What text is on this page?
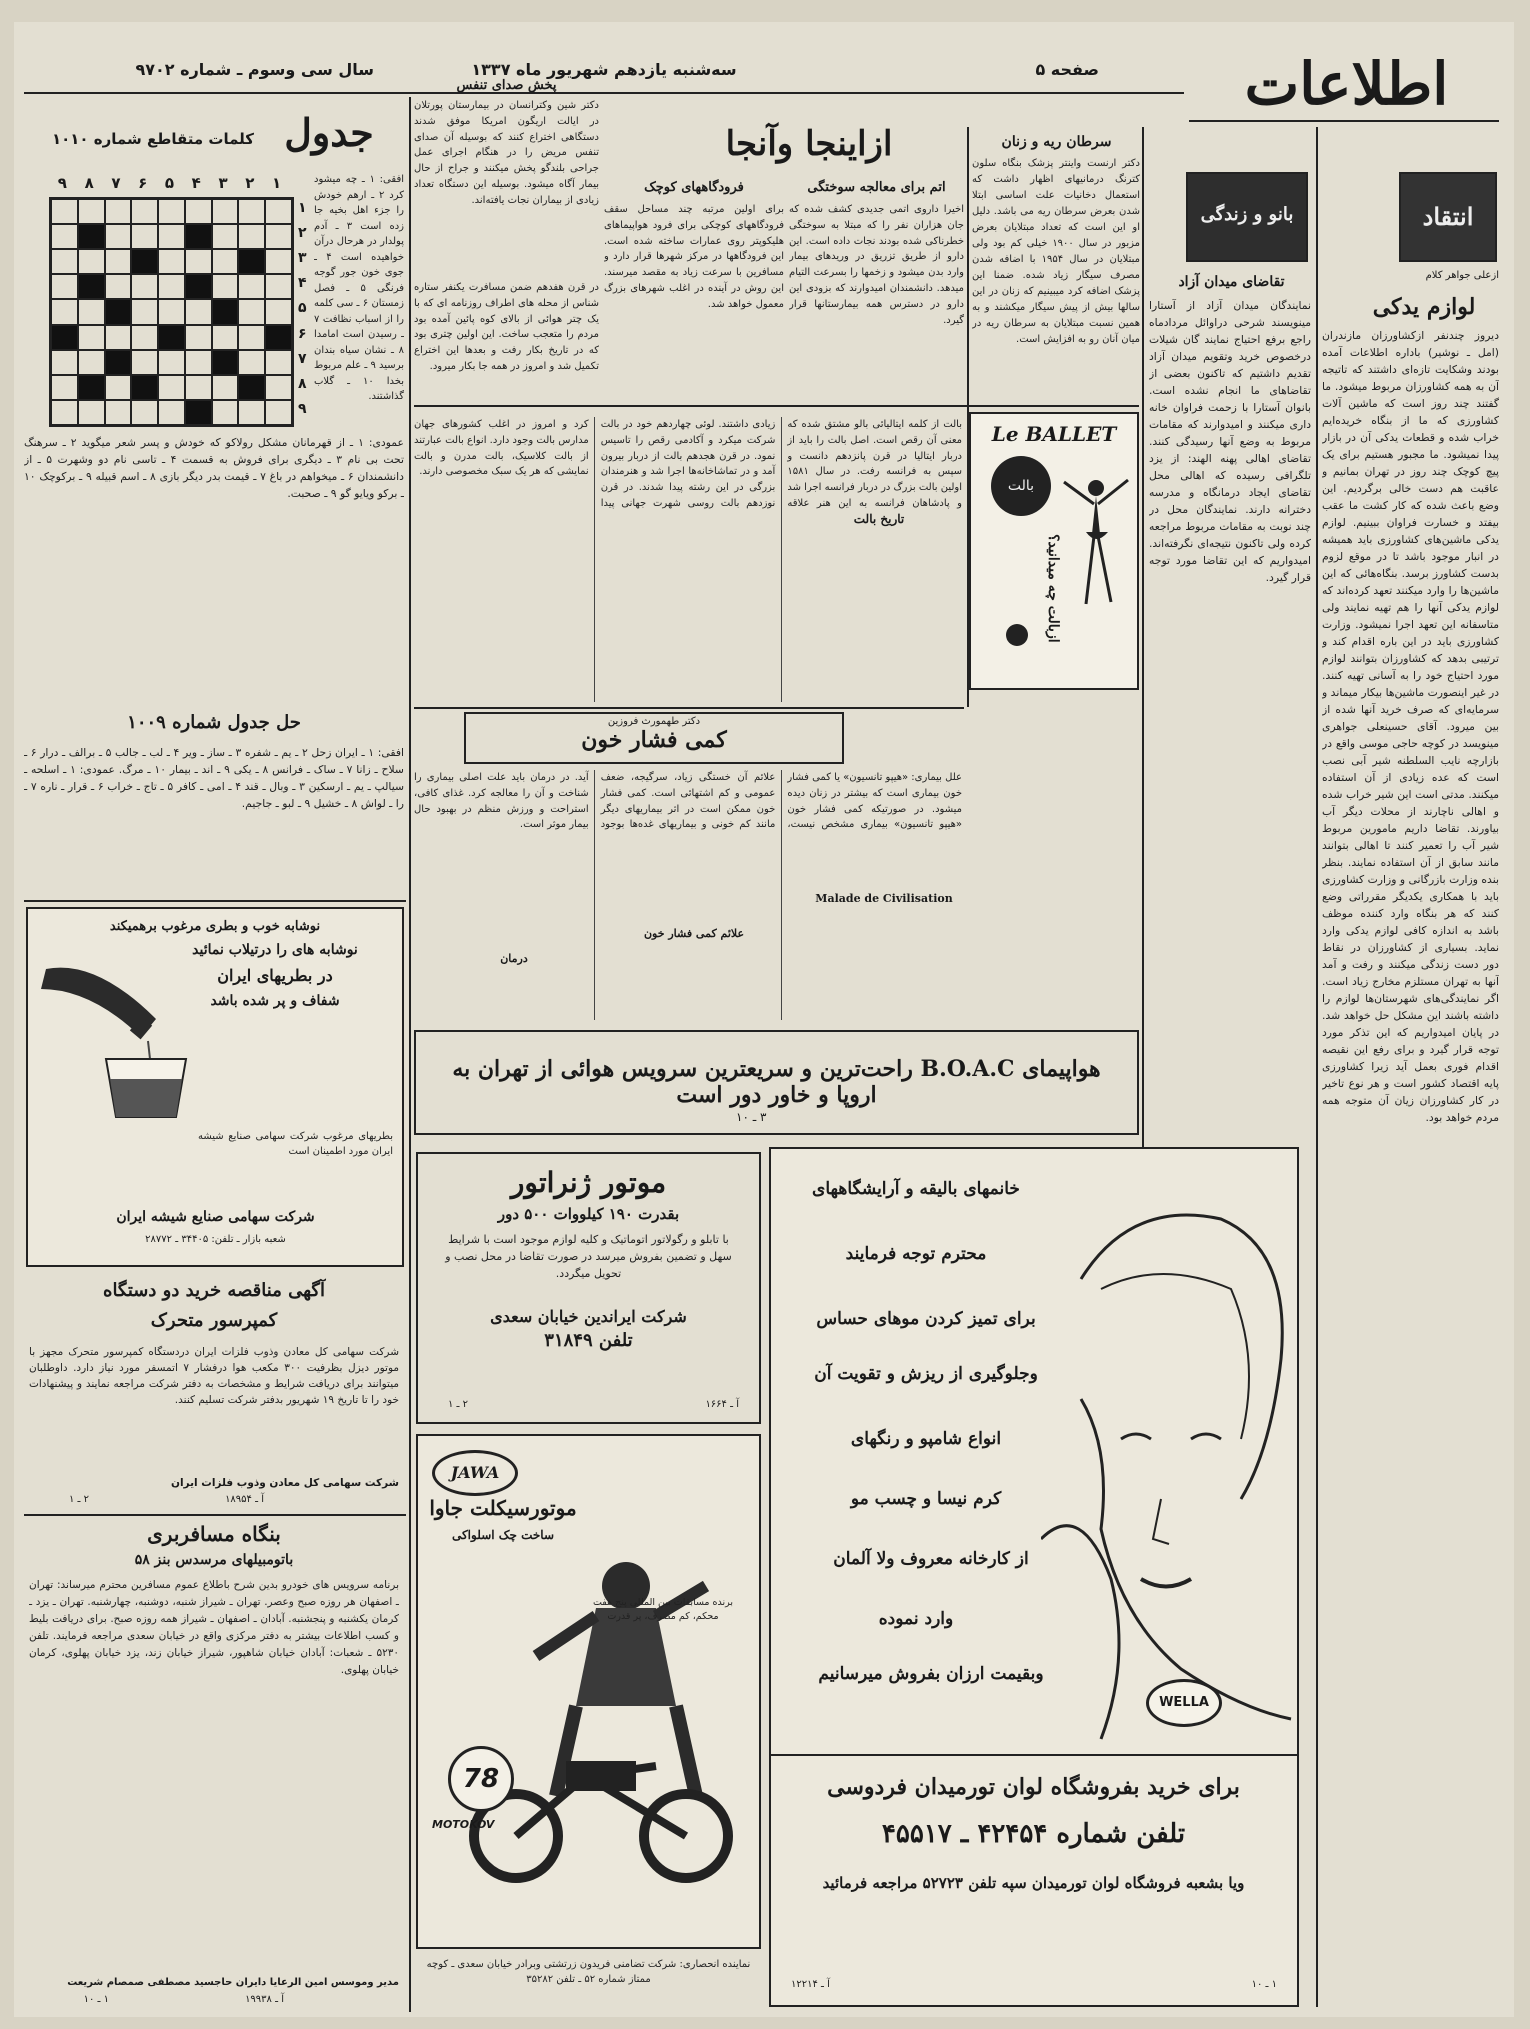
اطلاعات
صفحه ۵
سه‌شنبه یازدهم شهریور ماه ۱۳۳۷
سال سی وسوم ـ شماره ۹۷۰۲
انتقاد
ازعلی جواهر کلام
لوازم یدکی
دیروز چندنفر ازکشاورزان مازندران (امل ـ نوشیر) باداره اطلاعات آمده بودند وشکایت تازه‌ای داشتند که تاتیجه آن به همه کشاورزان مربوط میشود. ما گفتند چند روز است که ماشین آلات کشاورزی که ما از بنگاه خریده‌ایم خراب شده و قطعات یدکی آن در بازار پیدا نمیشود. ما مجبور هستیم برای یک پیچ کوچک چند روز در تهران بمانیم و عاقبت هم دست خالی برگردیم. این وضع باعث شده که کار کشت ما عقب بیفتد و خسارت فراوان ببینیم. لوازم یدکی ماشین‌های کشاورزی باید همیشه در انبار موجود باشد تا در موقع لزوم بدست کشاورز برسد. بنگاه‌هائی که این ماشین‌ها را وارد میکنند تعهد کرده‌اند که لوازم یدکی آنها را هم تهیه نمایند ولی متاسفانه این تعهد اجرا نمیشود. وزارت کشاورزی باید در این باره اقدام کند و ترتیبی بدهد که کشاورزان بتوانند لوازم مورد احتیاج خود را به آسانی تهیه کنند. در غیر اینصورت ماشین‌ها بیکار میماند و سرمایه‌ای که صرف خرید آنها شده از بین میرود. آقای حسینعلی جواهری مینویسد در کوچه حاجی موسی واقع در بازارچه نایب السلطنه شیر آبی نصب است که عده زیادی از آن استفاده میکنند. مدتی است این شیر خراب شده و اهالی ناچارند از محلات دیگر آب بیاورند. تقاضا داریم مامورین مربوط شیر آب را تعمیر کنند تا اهالی بتوانند مانند سابق از آن استفاده نمایند. بنظر بنده وزارت بازرگانی و وزارت کشاورزی باید با همکاری یکدیگر مقرراتی وضع کنند که هر بنگاه وارد کننده موظف باشد به اندازه کافی لوازم یدکی وارد نماید. بسیاری از کشاورزان در نقاط دور دست زندگی میکنند و رفت و آمد آنها به تهران مستلزم مخارج زیاد است. اگر نمایندگی‌های شهرستان‌ها لوازم را داشته باشند این مشکل حل خواهد شد. در پایان امیدواریم که این تذکر مورد توجه قرار گیرد و برای رفع این نقیصه اقدام فوری بعمل آید زیرا کشاورزی پایه اقتصاد کشور است و هر نوع تاخیر در کار کشاورزان زیان آن متوجه همه مردم خواهد بود.
بانو و زندگی
تقاضای میدان آزاد
نمایندگان میدان آزاد از آستارا مینویسند شرحی دراوائل مردادماه راجع برفع احتیاج نمایند گان شیلات درخصوص خرید وتقویم میدان آزاد تقدیم داشتیم که تاکنون بعضی از تقاضاهای ما انجام نشده است. بانوان آستارا با زحمت فراوان خانه داری میکنند و امیدوارند که مقامات مربوط به وضع آنها رسیدگی کنند. تقاضای اهالی پهنه الهند: از یزد تلگرافی رسیده که اهالی محل تقاضای ایجاد درمانگاه و مدرسه دخترانه دارند. نمایندگان محل در چند نوبت به مقامات مربوط مراجعه کرده ولی تاکنون نتیجه‌ای نگرفته‌اند. امیدواریم که این تقاضا مورد توجه قرار گیرد.
سرطان ریه و زنان
دکتر ارنست واینتر پزشک بنگاه سلون کترنگ درمانیهای اظهار داشت که استعمال دخانیات علت اساسی ابتلا شدن بعرض سرطان ریه می باشد. دلیل او این است که تعداد مبتلایان بعرض مزبور در سال ۱۹۰۰ خیلی کم بود ولی مبتلایان در سال ۱۹۵۴ با اضافه شدن مصرف سیگار زیاد شده. ضمنا این پزشک اضافه کرد میبینیم که زنان در این سالها بیش از پیش سیگار میکشند و به همین نسبت مبتلایان به سرطان ریه در میان آنان رو به افزایش است.
ازاینجا وآنجا
اتم برای معالجه سوختگی
اخیرا داروی اتمی جدیدی کشف شده که جان هزاران نفر را که مبتلا به سوختگی خطرناکی شده بودند نجات داده است. این دارو از طریق تزریق در وریدهای بیمار وارد بدن میشود و زخمها را بسرعت التیام میدهد. دانشمندان امیدوارند که بزودی این دارو در دسترس همه بیمارستانها قرار گیرد.
فرودگاههای کوچک
برای اولین مرتبه چند مساحل سقف فرودگاههای کوچکی برای فرود هواپیماهای هلیکوپتر روی عمارات ساخته شده است. این فرودگاهها در مرکز شهرها قرار دارد و مسافرین با سرعت زیاد به مقصد میرسند. این روش در آینده در اغلب شهرهای بزرگ معمول خواهد شد.
پخش صدای تنفس
دکتر شین وکترانسان در بیمارستان پورتلان در ایالت اریگون امریکا موفق شدند دستگاهی اختراع کنند که بوسیله آن صدای تنفس مریض را در هنگام اجرای عمل جراحی بلندگو پخش میکنند و جراح از حال بیمار آگاه میشود. بوسیله این دستگاه تعداد زیادی از بیماران نجات یافته‌اند.
در قرن هفدهم ضمن مسافرت یکنفر ستاره شناس از محله های اطراف روزنامه ای که با یک چتر هوائی از بالای کوه پائین آمده بود مردم را متعجب ساخت. این اولین چتری بود که در تاریخ بکار رفت و بعدها این اختراع تکمیل شد و امروز در همه جا بکار میرود.
Le BALLET
بالت
ازبالت چه میدانید؟
تاریخ بالت
بالت از کلمه ایتالیائی بالو مشتق شده که معنی آن رقص است. اصل بالت را باید از دربار ایتالیا در قرن پانزدهم دانست و سپس به فرانسه رفت. در سال ۱۵۸۱ اولین بالت بزرگ در دربار فرانسه اجرا شد و پادشاهان فرانسه به این هنر علاقه زیادی داشتند. لوئی چهاردهم خود در بالت شرکت میکرد و آکادمی رقص را تاسیس نمود. در قرن هجدهم بالت از دربار بیرون آمد و در تماشاخانه‌ها اجرا شد و هنرمندان بزرگی در این رشته پیدا شدند. در قرن نوزدهم بالت روسی شهرت جهانی پیدا کرد و امروز در اغلب کشورهای جهان مدارس بالت وجود دارد. انواع بالت عبارتند از بالت کلاسیک، بالت مدرن و بالت نمایشی که هر یک سبک مخصوصی دارند.
دکتر طهمورث فروزین
کمی فشار خون
علل بیماری: «هیپو تانسیون» یا کمی فشار خون بیماری است که بیشتر در زنان دیده میشود. در صورتیکه کمی فشار خون «هیپو تانسیون» بیماری مشخص نیست، علائم آن خستگی زیاد، سرگیجه، ضعف عمومی و کم اشتهائی است. کمی فشار خون ممکن است در اثر بیماریهای دیگر مانند کم خونی و بیماریهای غده‌ها بوجود آید. در درمان باید علت اصلی بیماری را شناخت و آن را معالجه کرد. غذای کافی، استراحت و ورزش منظم در بهبود حال بیمار موثر است.
Malade de Civilisation
علائم کمی فشار خون
درمان
هواپیمای B.O.A.C راحت‌ترین و سریعترین سرویس هوائی از تهران به اروپا و خاور دور است
۳ ـ ۱۰
جدول
کلمات متقاطع شماره ۱۰۱۰
۹	۸	۷	۶	۵	۴	۳	۲	۱
۱
۲
۳
۴
۵
۶
۷
۸
۹
افقی: ۱ ـ چه میشود کرد ۲ ـ ارهم خودش را جزء اهل بخیه جا زده است ۳ ـ آدم پولدار در هرحال درآن خواهیده است ۴ ـ جوی خون جور گوجه فرنگی ۵ ـ فصل زمستان ۶ ـ سی کلمه را از اسباب نظافت ۷ ـ رسیدن است امامدا ۸ ـ نشان سیاه بندان برسید ۹ ـ علم مربوط بخدا ۱۰ ـ گلاب گذاشتند.
عمودی: ۱ ـ از قهرمانان مشکل رولاکو که خودش و پسر شعر میگوید ۲ ـ سرهنگ تحت بی نام ۳ ـ دیگری برای فروش به قسمت ۴ ـ تاسی نام دو وشهرت ۵ ـ از دانشمندان ۶ ـ میخواهم در باغ ۷ ـ قیمت بدر دیگر بازی ۸ ـ اسم قبیله ۹ ـ برکوچک ۱۰ ـ برکو ویایو گو ۹ ـ صحبت.
حل جدول شماره ۱۰۰۹
افقی: ۱ ـ ایران زحل ۲ ـ یم ـ شفره ۳ ـ ساز ـ ویر ۴ ـ لب ـ جالب ۵ ـ برالف ـ درار ۶ ـ سلاح ـ زانا ۷ ـ ساک ـ فرانس ۸ ـ یکی ۹ ـ اند ـ بیمار ۱۰ ـ مرگ. عمودی: ۱ ـ اسلحه ـ سیالپ ـ یم ـ ارسکین ۳ ـ وبال ـ قند ۴ ـ امی ـ کافر ۵ ـ تاج ـ خراب ۶ ـ قرار ـ ناره ۷ ـ را ـ لواش ۸ ـ خشیل ۹ ـ لبو ـ جاجیم.
نوشابه خوب و بطری مرغوب برهمیکند
نوشابه های را درتیلاب نمائید
در بطریهای ایران
شفاف و پر شده باشد
بطریهای مرغوب شرکت سهامی صنایع شیشه ایران مورد اطمینان است
شرکت سهامی صنایع شیشه ایران
شعبه بازار ـ تلفن: ۳۴۴۰۵ ـ ۲۸۷۷۲
آگهی مناقصه خرید دو دستگاه
کمپرسور متحرک
شرکت سهامی کل معادن وذوب فلزات ایران دردستگاه کمپرسور متحرک مجهز با موتور دیزل بظرفیت ۳۰۰ مکعب هوا درفشار ۷ اتمسفر مورد نیاز دارد. داوطلبان میتوانند برای دریافت شرایط و مشخصات به دفتر شرکت مراجعه نمایند و پیشنهادات خود را تا تاریخ ۱۹ شهریور بدفتر شرکت تسلیم کنند.
شرکت سهامی کل معادن وذوب فلزات ایران
آ ـ ۱۸۹۵۴
۲ ـ ۱
بنگاه مسافربری
باتومبیلهای مرسدس بنز ۵۸
برنامه سرویس های خودرو بدین شرح باطلاع عموم مسافرین محترم میرساند: تهران ـ اصفهان هر روزه صبح وعصر. تهران ـ شیراز شنبه، دوشنبه، چهارشنبه. تهران ـ یزد ـ کرمان یکشنبه و پنجشنبه. آبادان ـ اصفهان ـ شیراز همه روزه صبح. برای دریافت بلیط و کسب اطلاعات بیشتر به دفتر مرکزی واقع در خیابان سعدی مراجعه فرمایند. تلفن ۵۲۳۰ ـ شعبات: آبادان خیابان شاهپور، شیراز خیابان زند، یزد خیابان پهلوی، کرمان خیابان پهلوی.
مدیر وموسس امین الرعایا دایران حاجسید مصطفی صمصام شریعت
آ ـ ۱۹۹۳۸
۱ ـ ۱۰
موتور ژنراتور
بقدرت ۱۹۰ کیلووات ۵۰۰ دور
با تابلو و رگولاتور اتوماتیک و کلیه لوازم موجود است با شرایط سهل و تضمین بفروش میرسد در صورت تقاضا در محل نصب و تحویل میگردد.
شرکت ایراندین خیابان سعدی
تلفن ۳۱۸۴۹
آ ـ ۱۶۶۴
۲ ـ ۱
JAWA
موتورسیکلت جاوا
ساخت چک اسلواکی
برنده مسابقات بین المللی پنج هفت محکم، کم مصرف، پر قدرت
78
MOTOKOV
نماینده انحصاری: شرکت تضامنی فریدون زرتشتی وبرادر خیابان سعدی ـ کوچه ممتاز شماره ۵۲ ـ تلفن ۳۵۲۸۲
WELLA
خانمهای بالیقه و آرایشگاههای
محترم توجه فرمایند
برای تمیز کردن موهای حساس
وجلوگیری از ریزش و تقویت آن
انواع شامپو و رنگهای
کرم نیسا و چسب مو
از کارخانه معروف ولا آلمان
وارد نموده
وبقیمت ارزان بفروش میرسانیم
برای خرید بفروشگاه لوان تورمیدان فردوسی
تلفن شماره ۴۲۴۵۴ ـ ۴۵۵۱۷
ویا بشعبه فروشگاه لوان تورمیدان سپه تلفن ۵۲۷۲۳ مراجعه فرمائید
آ ـ ۱۲۲۱۴	۱ ـ ۱۰
